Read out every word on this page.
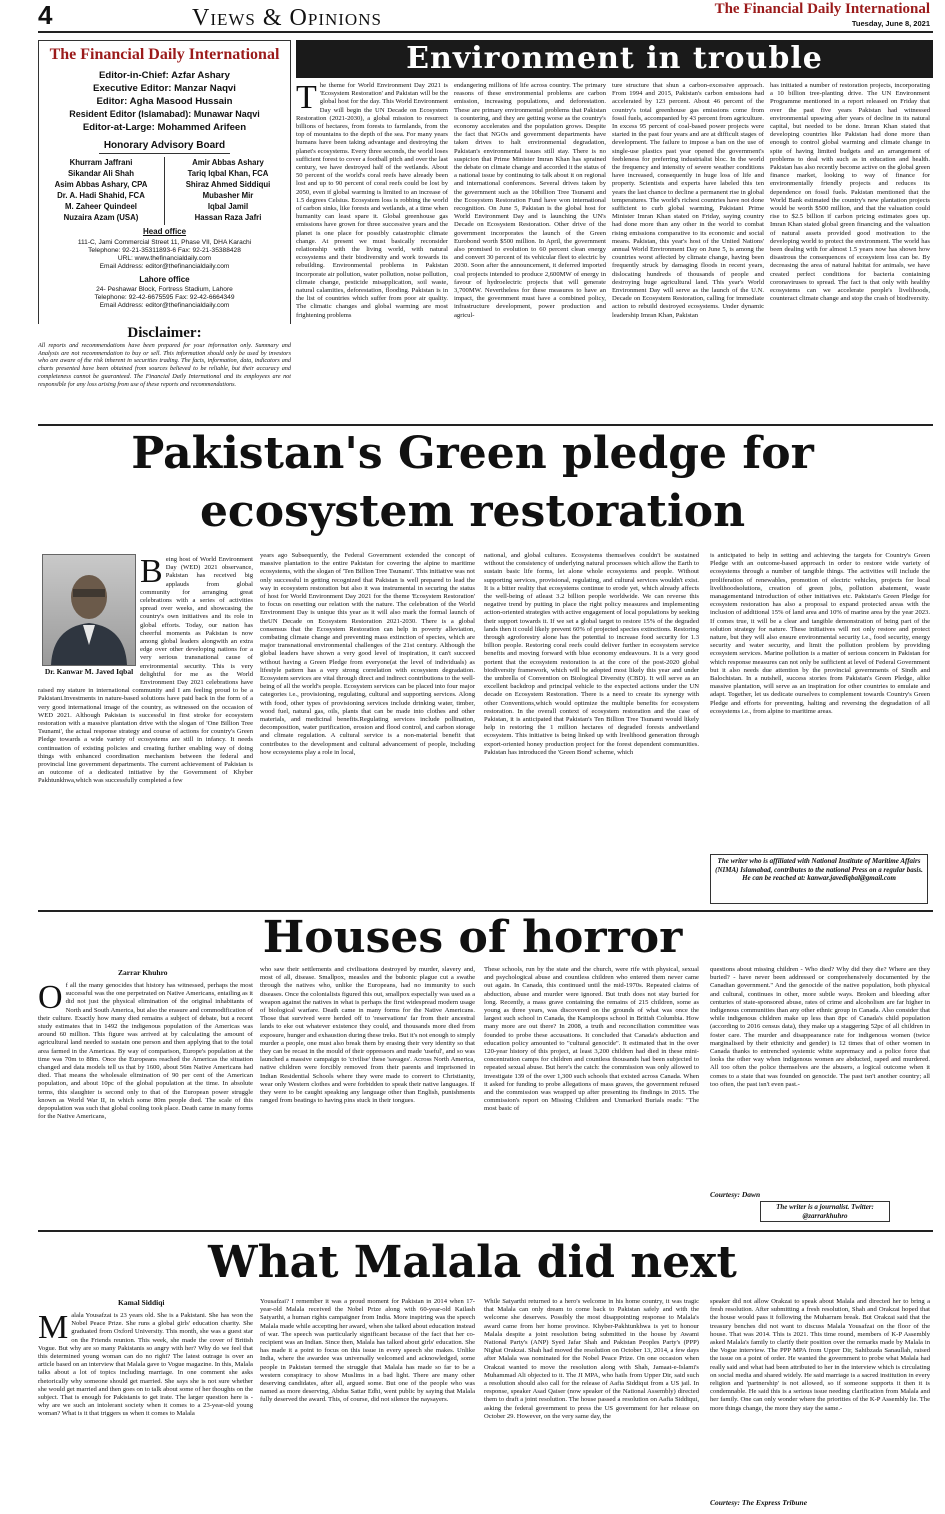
4	Views & Opinions	The Financial Daily International
Tuesday, June 8, 2021
The Financial Daily International
Editor-in-Chief: Azfar Ashary
Executive Editor: Manzar Naqvi
Editor: Agha Masood Hussain
Resident Editor (Islamabad): Munawar Naqvi
Editor-at-Large: Mohammed Arifeen
Honorary Advisory Board
Khurram Jaffrani
Sikandar Ali Shah
Asim Abbas Ashary, CPA
Dr. A. Hadi Shahid, FCA
M. Zaheer Quindeel
Nuzaira Azam (USA)
Amir Abbas Ashary
Tariq Iqbal Khan, FCA
Shiraz Ahmed Siddiqui
Mubasher Mir
Iqbal Jamil
Hassan Raza Jafri
Head office
111-C, Jami Commercial Street 11, Phase VII, DHA Karachi
Telephone: 92-21-35311893-6 Fax: 92-21-35388428
URL: www.thefinancialdaily.com
Email Address: editor@thefinancialdaily.com
Lahore office
24- Peshawar Block, Fortress Stadium, Lahore
Telephone: 92-42-6675595 Fax: 92-42-6664349
Email Address: editor@thefinancialdaily.com
Disclaimer:
All reports and recommendations have been prepared for your information only. Summary and Analysis are not recommendation to buy or sell. This information should only be used by investors who are aware of the risk inherent in securities trading. The facts, information, data, indicators and charts presented have been obtained from sources believed to be reliable, but their accuracy and completeness cannot be guaranteed. The Financial Daily International and its employees are not responsible for any loss arising from use of these reports and recommendations.
Environment in trouble
The theme for World Environment Day 2021 is 'Ecosystem Restoration' and Pakistan will be the global host for the day. This World Environment Day will begin the UN Decade on Ecosystem Restoration (2021-2030), a global mission to resurrect billions of hectares, from forests to farmlands, from the top of mountains to the depth of the sea. For many years humans have been taking advantage and destroying the planet's ecosystems. Every three seconds, the world loses sufficient forest to cover a football pitch and over the last century, we have destroyed half of the wetlands. About 50 percent of the world's coral reefs have already been lost and up to 90 percent of coral reefs could be lost by 2050, even if global warming is limited to an increase of 1.5 degrees Celsius. Ecosystem loss is robbing the world of carbon sinks, like forests and wetlands, at a time when humanity can least spare it. Global greenhouse gas emissions have grown for three successive years and the planet is one place for possibly catastrophic climate change. At present we must basically reconsider relationship with the living world, with natural ecosystems and their biodiversity and work towards its rebuilding. Environmental problems in Pakistan incorporate air pollution, water pollution, noise pollution, climate change, pesticide misapplication, soil waste, natural calamities, deforestation, flooding. Pakistan is in the list of countries which suffer from poor air quality. The climatic changes and global warming are most frightening problems
endangering millions of life across country. The primary reasons of these environmental problems are carbon emission, increasing populations, and deforestation. These are primary environmental problems that Pakistan is countering, and they are getting worse as the country's economy accelerates and the population grows. Despite the fact that NGOs and government departments have taken drives to halt environmental degradation, Pakistan's environmental issues still stay. There is no suspicion that Prime Minister Imran Khan has sprained the debate on climate change and accorded it the status of a national issue by continuing to talk about it on regional and international conferences. Several drives taken by the government such as the 10billion Tree Tsunami and the Ecosystem Restoration Fund have won international recognition. On June 5, Pakistan is the global host for World Environment Day and is launching the UN's Decade on Ecosystem Restoration. Other drive of the government incorporates the launch of the Green Eurobond worth $500 million. In April, the government also promised to evolution to 60 percent clean energy and convert 30 percent of its vehicular fleet to electric by 2030. Soon after the announcement, it deferred imported coal projects intended to produce 2,600MW of energy in favour of hydroelectric projects that will generate 3,700MW. Nevertheless for these measures to have an impact, the government must have a combined policy, infrastructure development, power production and agricul-
ture structure that shun a carbon-excessive approach. From 1994 and 2015, Pakistan's carbon emissions had accelerated by 123 percent. About 46 percent of the country's total greenhouse gas emissions come from fossil fuels, accompanied by 43 percent from agriculture. In excess 95 percent of coal-based power projects were started in the past four years and are at difficult stages of development. The failure to impose a ban on the use of single-use plastics past year opened the government's feebleness for preferring industrialist bloc. In the world the frequency and intensity of severe weather conditions have increased, consequently in huge loss of life and property. Scientists and experts have labeled this ten years the last chance to decline a permanent rise in global temperatures. The world's richest countries have not done sufficient to curb global warming, Pakistani Prime Minister Imran Khan stated on Friday, saying country had done more than any other in the world to combat rising emissions comparative to its economic and social means. Pakistan, this year's host of the United Nations' annual World Environment Day on June 5, is among the countries worst affected by climate change, having been frequently struck by damaging floods in recent years, dislocating hundreds of thousands of people and destroying huge agricultural land. This year's World Environment Day will serve as the launch of the U.N. Decade on Ecosystem Restoration, calling for immediate action to rebuild destroyed ecosystems. Under dynamic leadership Imran Khan, Pakistan
has initiated a number of restoration projects, incorporating a 10 billion tree-planting drive. The UN Environment Programme mentioned in a report released on Friday that over the past five years Pakistan had witnessed environmental upswing after years of decline in its natural capital, but needed to be done. Imran Khan stated that developing countries like Pakistan had done more than enough to control global warming and climate change in spite of having limited budgets and an arrangement of problems to deal with such as in education and health. Pakistan has also recently become active on the global green finance market, looking to way of finance for environmentally friendly projects and reduces its dependence on fossil fuels. Pakistan mentioned that the World Bank estimated the country's new plantation projects would be worth $500 million, and that the valuation could rise to $2.5 billion if carbon pricing estimates goes up. Imran Khan stated global green financing and the valuation of natural assets provided good motivation to the developing world to protect the environment. The world has been dealing with for almost 1.5 years now has shown how disastrous the consequences of ecosystem loss can be. By decreasing the area of natural habitat for animals, we have created perfect conditions for bacteria containing coronaviruses to spread. The fact is that only with healthy ecosystems can we accelerate people's livelihoods, counteract climate change and stop the crash of biodiversity.
Pakistan's Green pledge for
ecosystem restoration
Dr. Kanwar M. Javed Iqbal
Being host of World Environment Day (WED) 2021 observance, Pakistan has received big applauds from global community for arranging great celebrations with a series of activities spread over weeks, and showcasing the country's own initiatives and its role in global efforts. Today, our nation has cheerful moments as Pakistan is now among global leaders alongwith an extra edge over other developing nations for a very serious transnational cause of environmental security. This is very delightful for me as the World Environment Day 2021 celebrations have raised my stature in international community and I am feeling proud to be a Pakistani.Investments in nature-based solutions have paid back in the form of a very good international image of the country, as witnessed on the occasion of WED 2021. Although Pakistan is successful in first stroke for ecosystem restoration with a massive plantation drive with the slogan of 'One Billion Tree Tsunami', the actual response strategy and course of actions for country's Green Pledge towards a wide variety of ecosystems are still in infancy. It needs continuation of existing policies and creating further enabling way of doing things with enhanced coordination mechanism between the federal and provincial line government departments. The current achievement of Pakistan is an outcome of a dedicated initiative by the Government of Khyber Pakhtunkhwa,which was successfully completed a few
years ago Subsequently, the Federal Government extended the concept of massive plantation to the entire Pakistan for covering the alpine to maritime ecosystems, with the slogan of 'Ten Billion Tree Tsunami'. This initiative was not only successful in getting recognized that Pakistan is well prepared to lead the way in ecosystem restoration but also it was instrumental in securing the status of host for World Environment Day 2021 for the theme 'Ecosystem Restoration' to focus on resetting our relation with the nature. The celebration of the World Environment Day is unique this year as it will also mark the formal launch of theUN Decade on Ecosystem Restoration 2021-2030. There is a global consensus that the Ecosystem Restoration can help in poverty alleviation, combating climate change and preventing mass extinction of species, which are major transnational environmental challenges of the 21st century. Although the global leaders have shown a very good level of inspiration, it can't succeed without having a Green Pledge from everyone(at the level of individuals) as lifestyle pattern has a very strong correlation with ecosystem degradation. Ecosystem services are vital through direct and indirect contributions to the well-being of all the world's people. Ecosystem services can be placed into four major categories i.e., provisioning, regulating, cultural and supporting services. Along with food, other types of provisioning services include drinking water, timber, wood fuel, natural gas, oils, plants that can be made into clothes and other materials, and medicinal benefits.Regulating services include pollination, decomposition, water purification, erosion and flood control, and carbon storage and climate regulation. A cultural service is a non-material benefit that contributes to the development and cultural advancement of people, including how ecosystems play a role in local,
national, and global cultures. Ecosystems themselves couldn't be sustained without the consistency of underlying natural processes which allow the Earth to sustain basic life forms, let alone whole ecosystems and people. Without supporting services, provisional, regulating, and cultural services wouldn't exist. It is a bitter reality that ecosystems continue to erode yet, which already affects the well-being of atleast 3.2 billion people worldwide. We can reverse this negative trend by putting in place the right policy measures and implementing action-oriented strategies with active engagement of local populations by seeking their support towards it. If we set a global target to restore 15% of the degraded lands then it could likely prevent 60% of projected species extinctions. Restoring through agroforestry alone has the potential to increase food security for 1.3 billion people. Restoring coral reefs could deliver further in ecosystem service benefits and moving forward with blue economy endeavours. It is a very good portent that the ecosystem restoration is at the core of the post-2020 global biodiversity framework, which will be adopted most likely this year and under the umbrella of Convention on Biological Diversity (CBD). It will serve as an excellent backdrop and principal vehicle to the expected actions under the UN decade on Ecosystem Restoration. There is a need to create its synergy with other Conventions,which would optimize the multiple benefits for ecosystem restoration. In the overall context of ecosystem restoration and the case of Pakistan, it is anticipated that Pakistan's Ten Billion Tree Tsunami would likely help in restoring the 1 million hectares of degraded forests andwetland ecosystem. This initiative is being linked up with livelihood generation through export-oriented honey production project for the forest dependent communities. Pakistan has introduced the 'Green Bond' scheme, which
is anticipated to help in setting and achieving the targets for Country's Green Pledge with an outcome-based approach in order to restore wide variety of ecosystems through a number of tangible things. The activities will include the proliferation of renewables, promotion of electric vehicles, projects for local livelihoodsolutions, creation of green jobs, pollution abatement, waste managementand introduction of other initiatives etc. Pakistan's Green Pledge for ecosystem restoration has also a proposal to expand protected areas with the inclusion of additional 15% of land area and 10% of marine area by the year 2023. If comes true, it will be a clear and tangible demonstration of being part of the solution strategy for nature. These initiatives will not only restore and protect nature, but they will also ensure environmental security i.e., food security, energy security and water security, and limit the pollution problem by providing ecosystem services. Marine pollution is a matter of serious concern in Pakistan for which response measures can not only be sufficient at level of Federal Government but it also needs due attention by the provincial governments of Sindh and Balochistan. In a nutshell, success stories from Pakistan's Green Pledge, alike massive plantation, will serve as an inspiration for other countries to emulate and adapt. Together, let us dedicate ourselves to complement towards Country's Green Pledge and efforts for preventing, halting and reversing the degradation of all ecosystems i.e., from alpine to maritime areas.
The writer who is affiliated with National Institute of Maritime Affairs (NIMA) Islamabad, contributes to the national Press on a regular basis. He can be reached at: kanwar.javediqbal@gmail.com
Houses of horror
Zarrar Khuhro
Of all the many genocides that history has witnessed, perhaps the most successful was the one perpetrated on Native Americans, entailing as it did not just the physical elimination of the original inhabitants of North and South America, but also the erasure and commodification of their culture. Exactly how many died remains a subject of debate, but a recent study estimates that in 1492 the indigenous population of the Americas was around 60 million. This figure was arrived at by calculating the amount of agricultural land needed to sustain one person and then applying that to the total area farmed in the Americas. By way of comparison, Europe's population at the time was 70m to 88m. Once the Europeans reached the Americas the situation changed and data models tell us that by 1600, about 56m Native Americans had died. That means the wholesale elimination of 90 per cent of the American population, and about 10pc of the global population at the time. In absolute terms, this slaughter is second only to that of the European power struggle known as World War II, in which some 80m people died. The scale of this depopulation was such that global cooling took place. Death came in many forms for the Native Americans,
who saw their settlements and civilisations destroyed by murder, slavery and, most of all, disease. Smallpox, measles and the bubonic plague cut a swathe through the natives who, unlike the Europeans, had no immunity to such diseases. Once the colonialists figured this out, smallpox especially was used as a weapon against the natives in what is perhaps the first widespread modern usage of biological warfare. Death came in many forms for the Native Americans. Those that survived were herded off to 'reservations' far from their ancestral lands to eke out whatever existence they could, and thousands more died from exposure, hunger and exhaustion during these treks. But it's not enough to simply murder a people, one must also break them by erasing their very identity so that they can be recast in the mould of their oppressors and made 'useful', and so was launched a massive campaign to 'civilise' these 'savages'. Across North America, native children were forcibly removed from their parents and imprisoned in Indian Residential Schools where they were made to convert to Christianity, wear only Western clothes and were forbidden to speak their native languages. If they were to be caught speaking any language other than English, punishments ranged from beatings to having pins stuck in their tongues.
These schools, run by the state and the church, were rife with physical, sexual and psychological abuse and countless children who entered them never came out again. In Canada, this continued until the mid-1970s. Repeated claims of abduction, abuse and murder were ignored. But truth does not stay buried for long. Recently, a mass grave containing the remains of 215 children, some as young as three years, was discovered on the grounds of what was once the largest such school in Canada, the Kamploops school in British Columbia. How many more are out there? In 2008, a truth and reconciliation committee was founded to probe these accusations. It concluded that Canada's abduction and education policy amounted to "cultural genocide". It estimated that in the over 120-year history of this project, at least 3,200 children had died in these mini-concentration camps for children and countless thousands had been subjected to repeated sexual abuse. But here's the catch: the commission was only allowed to investigate 139 of the over 1,300 such schools that existed across Canada. When it asked for funding to probe allegations of mass graves, the government refused and the commission was wrapped up after presenting its findings in 2015. The commission's report on Missing Children and Unmarked Burials reads: "The most basic of
questions about missing children - Who died? Why did they die? Where are they buried? - have never been addressed or comprehensively documented by the Canadian government." And the genocide of the native population, both physical and cultural, continues in other, more subtle ways. Broken and bleeding after centuries of state-sponsored abuse, rates of crime and alcoholism are far higher in indigenous communities than any other ethnic group in Canada. Also consider that while indigenous children make up less than 8pc of Canada's child population (according to 2016 census data), they make up a staggering 52pc of all children in foster care. The murder and disappearance rate for indigenous women (twice marginalised by their ethnicity and gender) is 12 times that of other women in Canada thanks to entrenched systemic white supremacy and a police force that looks the other way when indigenous women are abducted, raped and murdered. All too often the police themselves are the abusers, a logical outcome when it comes to a state that was founded on genocide. The past isn't another country; all too often, the past isn't even past.-
Courtesy: Dawn
The writer is a journalist. Twitter: @zarrarkhuhro
What Malala did next
Kamal Siddiqi
Malala Yousafzai is 23 years old. She is a Pakistani. She has won the Nobel Peace Prize. She runs a global girls' education charity. She graduated from Oxford University. This month, she was a guest star on the Friends reunion. This week, she made the cover of British Vogue. But why are so many Pakistanis so angry with her? Why do we feel that this determined young woman can do no right? The latest outrage is over an article based on an interview that Malala gave to Vogue magazine. In this, Malala talks about a lot of topics including marriage. In one comment she asks rhetorically why someone should get married. She says she is not sure whether she would get married and then goes on to talk about some of her thoughts on the subject. That is enough for Pakistanis to get irate. The larger question here is - why are we such an intolerant society when it comes to a 23-year-old young woman? What is it that triggers us when it comes to Malala
Yousafzai? I remember it was a proud moment for Pakistan in 2014 when 17-year-old Malala received the Nobel Prize along with 60-year-old Kailash Satyarthi, a human rights campaigner from India. More inspiring was the speech Malala made while accepting her award, when she talked about education instead of war. The speech was particularly significant because of the fact that her co-recipient was an Indian. Since then, Malala has talked about girls' education. She has made it a point to focus on this issue in every speech she makes. Unlike India, where the awardee was universally welcomed and acknowledged, some people in Pakistan termed the struggle that Malala has made so far to be a western conspiracy to show Muslims in a bad light. There are many other deserving candidates, after all, argued some. But one of the people who was named as more deserving, Abdus Sattar Edhi, went public by saying that Malala fully deserved the award. This, of course, did not silence the naysayers.
While Satyarthi returned to a hero's welcome in his home country, it was tragic that Malala can only dream to come back to Pakistan safely and with the welcome she deserves. Possibly the most disappointing response to Malala's award came from her home province. Khyber-Pakhtunkhwa is yet to honour Malala despite a joint resolution being submitted in the house by Awami National Party's (ANP) Syed Jafar Shah and Pakistan Peoples Party's (PPP) Nighat Orakzai. Shah had moved the resolution on October 13, 2014, a few days after Malala was nominated for the Nobel Peace Prize. On one occasion when Orakzai wanted to move the resolution along with Shah, Jamaat-e-Islami's Muhammad Ali objected to it. The JI MPA, who hails from Upper Dir, said such a resolution should also call for the release of Aafia Siddiqui from a US jail. In response, speaker Asad Qaiser (now speaker of the National Assembly) directed them to draft a joint resolution. The house passed a resolution on Aafia Siddiqui, asking the federal government to press the US government for her release on October 29. However, on the very same day, the
speaker did not allow Orakzai to speak about Malala and directed her to bring a fresh resolution. After submitting a fresh resolution, Shah and Orakzai hoped that the house would pass it following the Muharram break. But Orakzai said that the treasury benches did not want to discuss Malala Yousafzai on the floor of the house. That was 2014. This is 2021. This time round, members of K-P Assembly asked Malala's family to clarify their position over the remarks made by Malala in the Vogue interview. The PPP MPA from Upper Dir, Sahibzada Sanaullah, raised the issue on a point of order. He wanted the government to probe what Malala had really said and what had been attributed to her in the interview which is circulating on social media and shared widely. He said marriage is a sacred institution in every religion and 'partnership' is not allowed, so if someone supports it then it is condemnable. He said this is a serious issue needing clarification from Malala and her family. One can only wonder where the priorities of the K-P Assembly lie. The more things change, the more they stay the same.-
Courtesy: The Express Tribune
